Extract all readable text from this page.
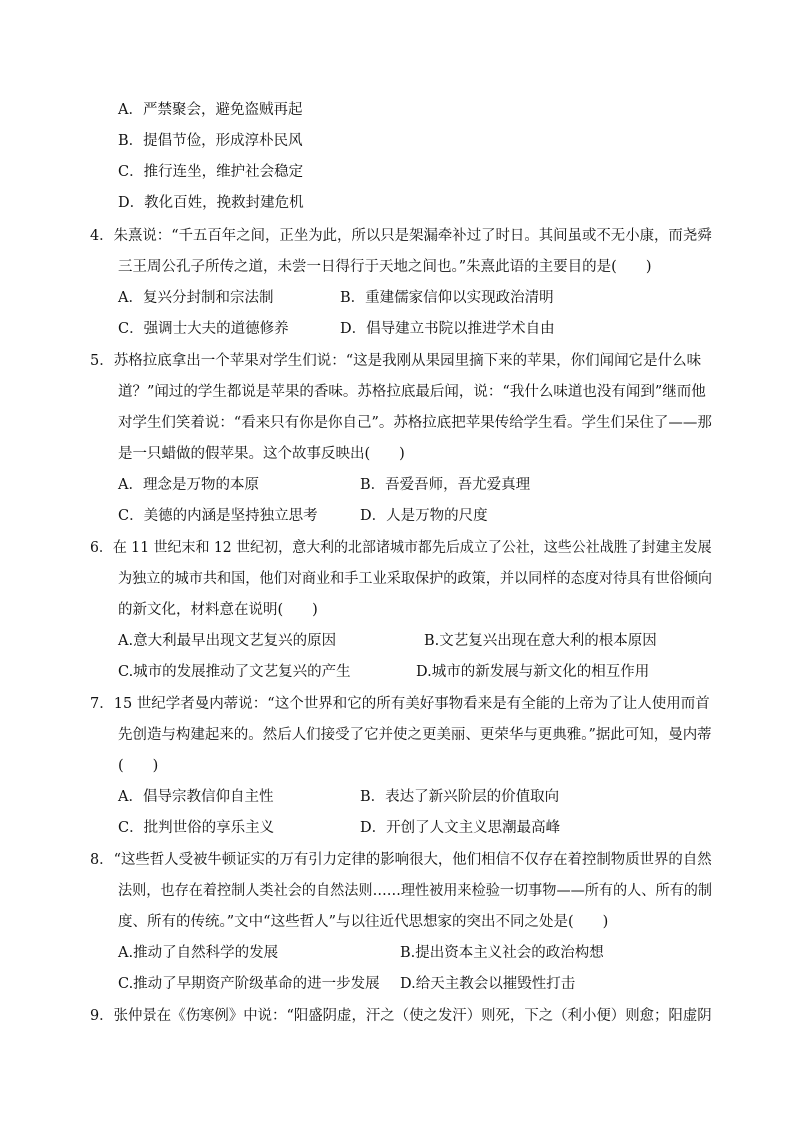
A．严禁聚会，避免盗贼再起
B．提倡节俭，形成淳朴民风
C．推行连坐，维护社会稳定
D．教化百姓，挽救封建危机
4．朱熹说：“千五百年之间，正坐为此，所以只是架漏牵补过了时日。其间虽或不无小康，而尧舜
三王周公孔子所传之道，未尝一日得行于天地之间也。”朱熹此语的主要目的是(　　)
A．复兴分封制和宗法制	B．重建儒家信仰以实现政治清明
C．强调士大夫的道德修养	D．倡导建立书院以推进学术自由
5．苏格拉底拿出一个苹果对学生们说：“这是我刚从果园里摘下来的苹果，你们闻闻它是什么味
道？”闻过的学生都说是苹果的香味。苏格拉底最后闻，说：“我什么味道也没有闻到”继而他
对学生们笑着说：“看来只有你是你自己”。苏格拉底把苹果传给学生看。学生们呆住了——那
是一只蜡做的假苹果。这个故事反映出(　　)
A．理念是万物的本原	B．吾爱吾师，吾尤爱真理
C．美德的内涵是坚持独立思考	D．人是万物的尺度
6．在 11 世纪末和 12 世纪初，意大利的北部诸城市都先后成立了公社，这些公社战胜了封建主发展
为独立的城市共和国，他们对商业和手工业采取保护的政策，并以同样的态度对待具有世俗倾向
的新文化，材料意在说明(　　)
A.意大利最早出现文艺复兴的原因	B.文艺复兴出现在意大利的根本原因
C.城市的发展推动了文艺复兴的产生	D.城市的新发展与新文化的相互作用
7．15 世纪学者曼内蒂说：“这个世界和它的所有美好事物看来是有全能的上帝为了让人使用而首
先创造与构建起来的。然后人们接受了它并使之更美丽、更荣华与更典雅。”据此可知，曼内蒂
(　　)
A．倡导宗教信仰自主性	B．表达了新兴阶层的价值取向
C．批判世俗的享乐主义	D．开创了人文主义思潮最高峰
8．“这些哲人受被牛顿证实的万有引力定律的影响很大，他们相信不仅存在着控制物质世界的自然
法则，也存在着控制人类社会的自然法则……理性被用来检验一切事物——所有的人、所有的制
度、所有的传统。”文中“这些哲人”与以往近代思想家的突出不同之处是(　　)
A.推动了自然科学的发展	B.提出资本主义社会的政治构想
C.推动了早期资产阶级革命的进一步发展 D.给天主教会以摧毁性打击
9．张仲景在《伤寒例》中说：“阳盛阴虚，汗之（使之发汗）则死，下之（利小便）则愈；阳虚阴
